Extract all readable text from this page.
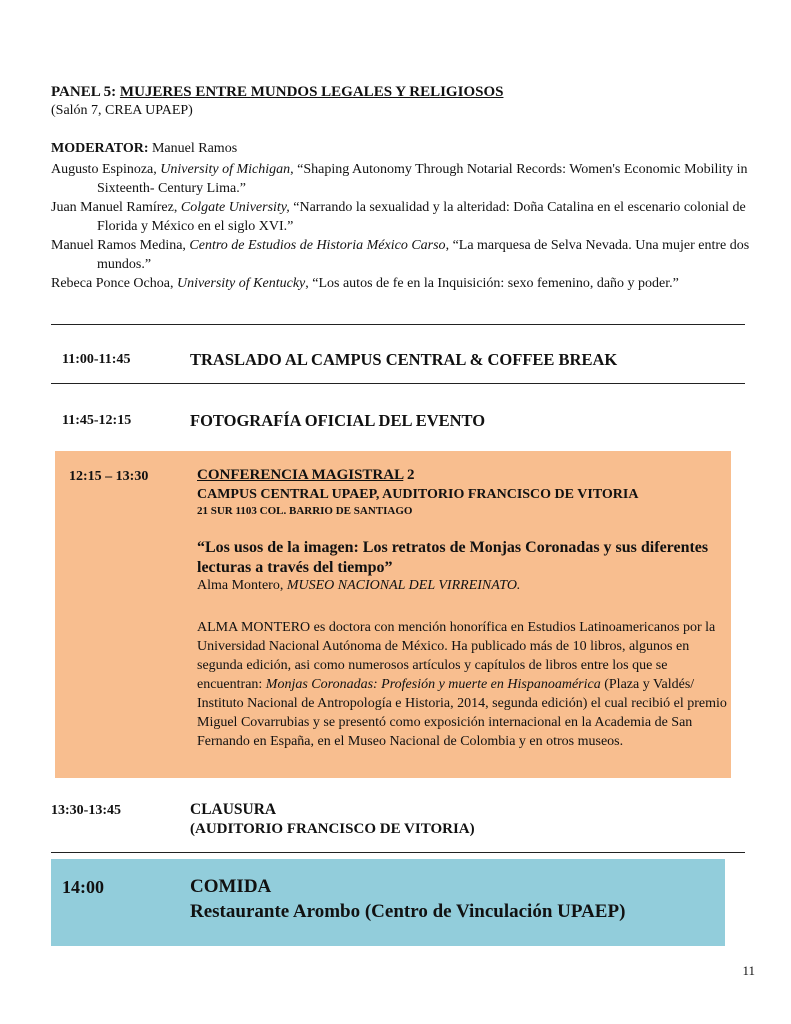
PANEL 5: MUJERES ENTRE MUNDOS LEGALES Y RELIGIOSOS
(Salón 7, CREA UPAEP)
MODERATOR: Manuel Ramos

Augusto Espinoza, University of Michigan, “Shaping Autonomy Through Notarial Records: Women's Economic Mobility in Sixteenth- Century Lima.”

Juan Manuel Ramírez, Colgate University, “Narrando la sexualidad y la alteridad: Doña Catalina en el escenario colonial de Florida y México en el siglo XVI.”

Manuel Ramos Medina, Centro de Estudios de Historia México Carso, “La marquesa de Selva Nevada. Una mujer entre dos mundos.”

Rebeca Ponce Ochoa, University of Kentucky, “Los autos de fe en la Inquisición: sexo femenino, daño y poder.”

11:00-11:45	TRASLADO AL CAMPUS CENTRAL & COFFEE BREAK
11:45-12:15	FOTOGRAFÍA OFICIAL DEL EVENTO
12:15 – 13:30	CONFERENCIA MAGISTRAL 2
CAMPUS CENTRAL UPAEP, AUDITORIO FRANCISCO DE VITORIA
21 SUR 1103 COL. BARRIO DE SANTIAGO
“Los usos de la imagen: Los retratos de Monjas Coronadas y sus diferentes lecturas a través del tiempo”
Alma Montero, MUSEO NACIONAL DEL VIRREINATO.
ALMA MONTERO es doctora con mención honorífica en Estudios Latinoamericanos por la Universidad Nacional Autónoma de México. Ha publicado más de 10 libros, algunos en segunda edición, asi como numerosos artículos y capítulos de libros entre los que se encuentran: Monjas Coronadas: Profesión y muerte en Hispanoamérica (Plaza y Valdés/ Instituto Nacional de Antropología e Historia, 2014, segunda edición) el cual recibió el premio Miguel Covarrubias y se presentó como exposición internacional en la Academia de San Fernando en España, en el Museo Nacional de Colombia y en otros museos.
13:30-13:45	CLAUSURA
(AUDITORIO FRANCISCO DE VITORIA)
14:00	COMIDA
Restaurante Arombo (Centro de Vinculación UPAEP)
11
